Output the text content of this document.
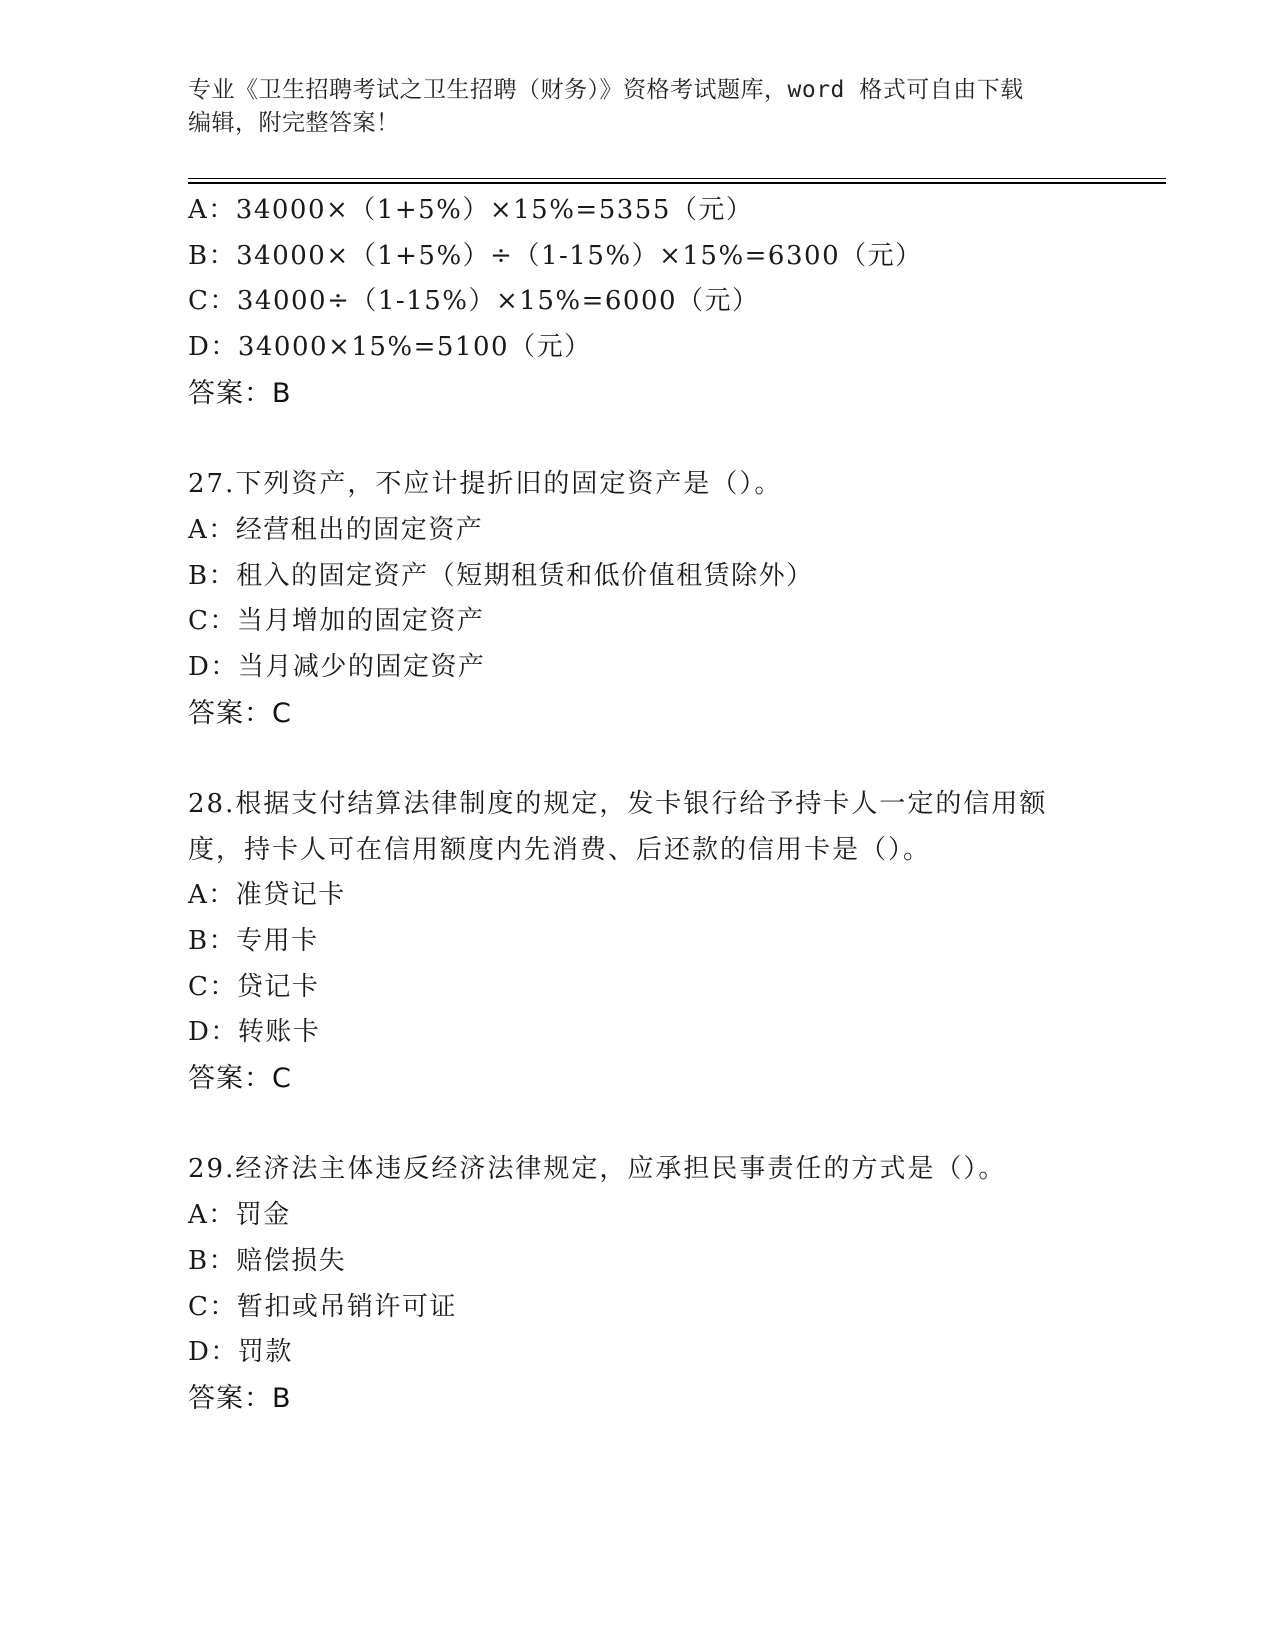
专业《卫生招聘考试之卫生招聘（财务）》资格考试题库，word 格式可自由下载
编辑，附完整答案！
A：34000×（1+5%）×15%=5355（元）
B：34000×（1+5%）÷（1-15%）×15%=6300（元）
C：34000÷（1-15%）×15%=6000（元）
D：34000×15%=5100（元）
答案：B
27.下列资产，不应计提折旧的固定资产是（）。
A：经营租出的固定资产
B：租入的固定资产（短期租赁和低价值租赁除外）
C：当月增加的固定资产
D：当月减少的固定资产
答案：C
28.根据支付结算法律制度的规定，发卡银行给予持卡人一定的信用额
度，持卡人可在信用额度内先消费、后还款的信用卡是（）。
A：准贷记卡
B：专用卡
C：贷记卡
D：转账卡
答案：C
29.经济法主体违反经济法律规定，应承担民事责任的方式是（）。
A：罚金
B：赔偿损失
C：暂扣或吊销许可证
D：罚款
答案：B
